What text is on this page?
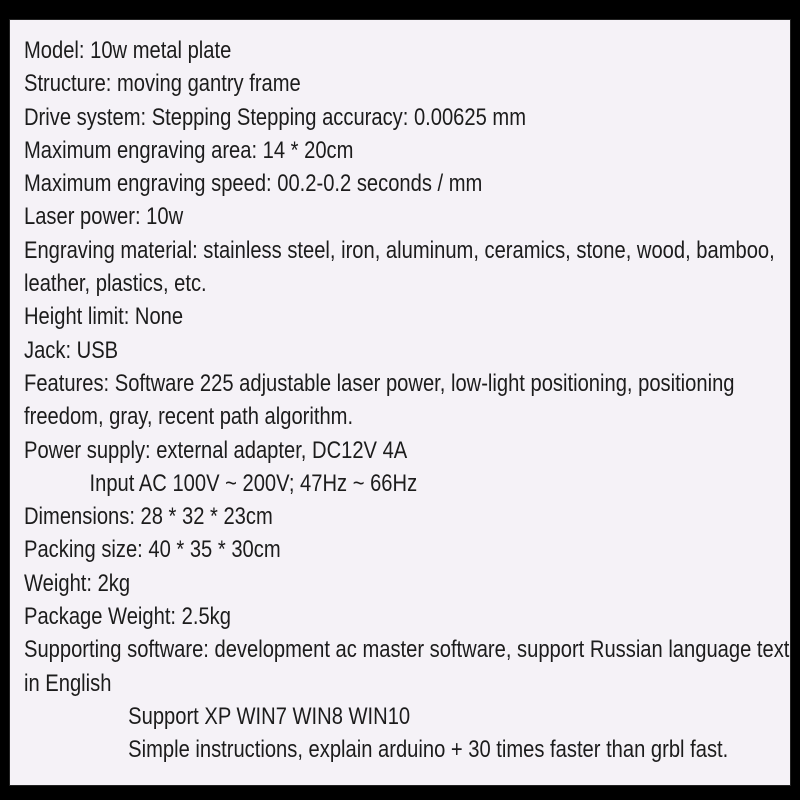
Model: 10w metal plate
Structure: moving gantry frame
Drive system: Stepping Stepping accuracy: 0.00625 mm
Maximum engraving area: 14 * 20cm
Maximum engraving speed: 00.2-0.2 seconds / mm
Laser power: 10w
Engraving material: stainless steel, iron, aluminum, ceramics, stone, wood, bamboo,
leather, plastics, etc.
Height limit: None
Jack: USB
Features: Software 225 adjustable laser power, low-light positioning, positioning
freedom, gray, recent path algorithm.
Power supply: external adapter, DC12V 4A
Input AC 100V ~ 200V; 47Hz ~ 66Hz
Dimensions: 28 * 32 * 23cm
Packing size: 40 * 35 * 30cm
Weight: 2kg
Package Weight: 2.5kg
Supporting software: development ac master software, support Russian language text
in English
Support XP WIN7 WIN8 WIN10
Simple instructions, explain arduino + 30 times faster than grbl fast.
